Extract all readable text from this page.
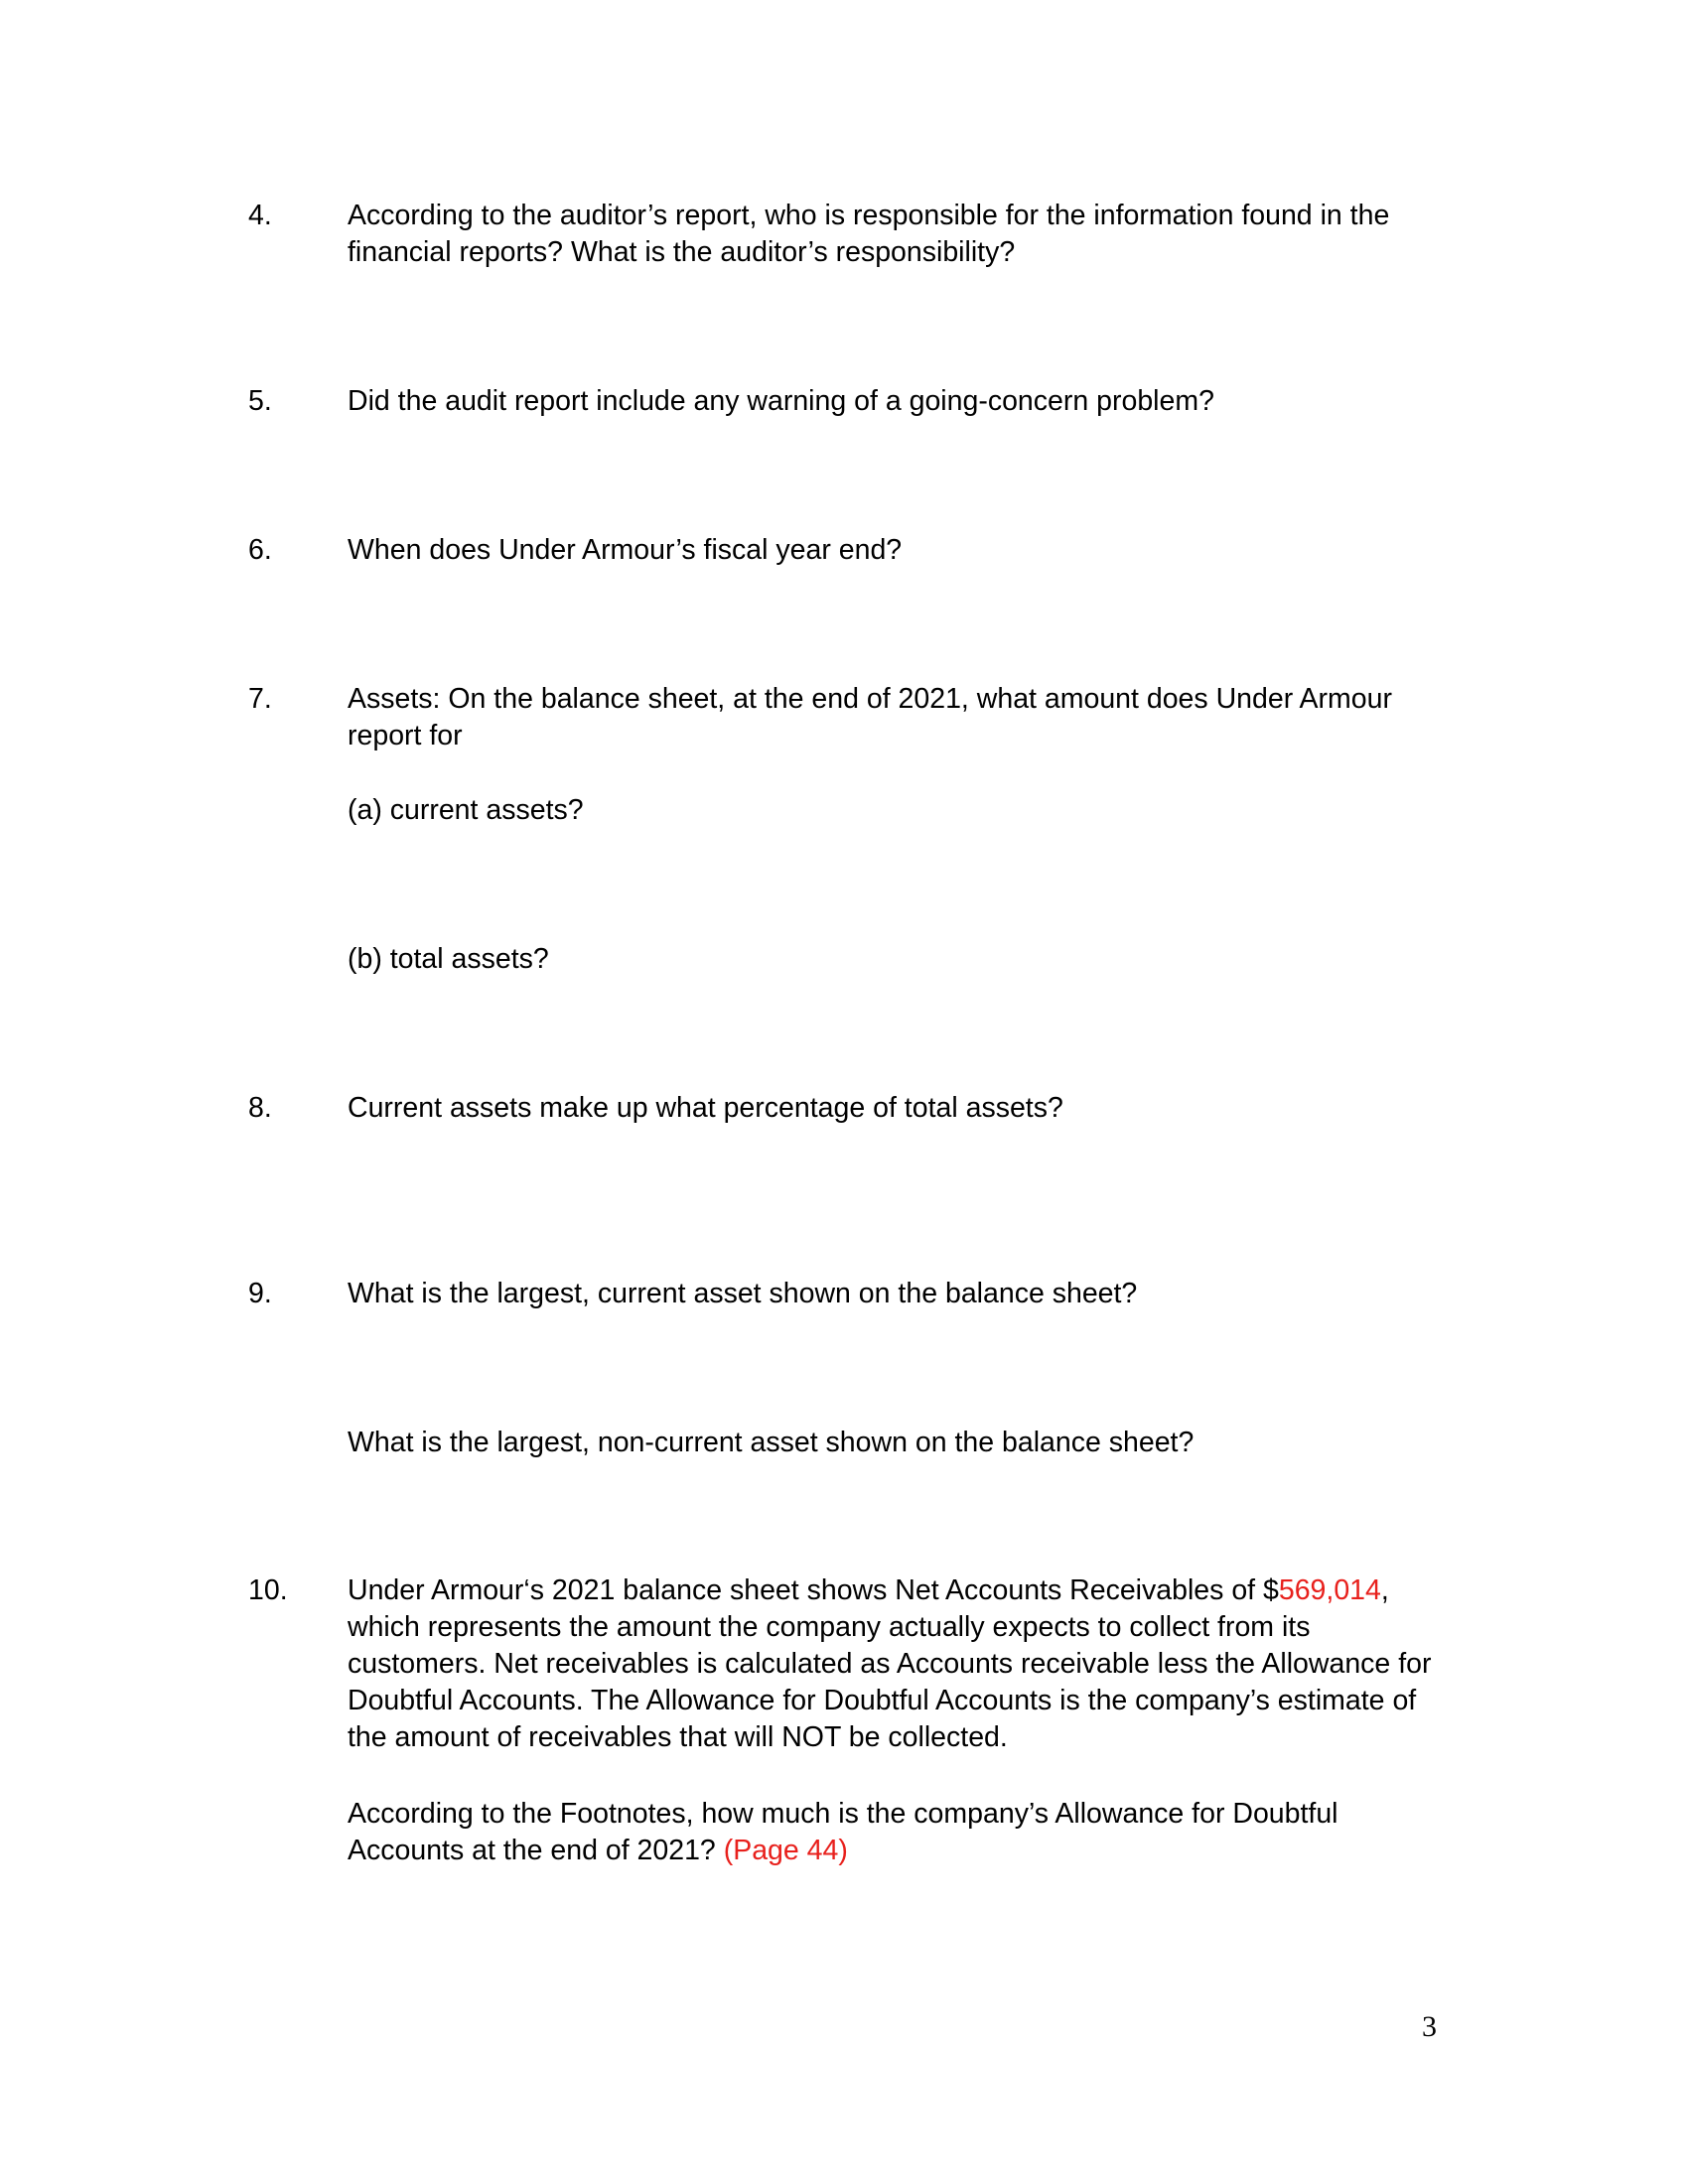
4.	According to the auditor’s report, who is responsible for the information found in the
financial reports? What is the auditor’s responsibility?
5.	Did the audit report include any warning of a going-concern problem?
6.	When does Under Armour’s fiscal year end?
7.	Assets: On the balance sheet, at the end of 2021, what amount does Under Armour
report for
(a) current assets?
(b) total assets?
8.	Current assets make up what percentage of total assets?
9.	What is the largest, current asset shown on the balance sheet?
What is the largest, non-current asset shown on the balance sheet?
10. Under Armour‘s 2021 balance sheet shows Net Accounts Receivables of $569,014,
which represents the amount the company actually expects to collect from its
customers. Net receivables is calculated as Accounts receivable less the Allowance for
Doubtful Accounts. The Allowance for Doubtful Accounts is the company’s estimate of
the amount of receivables that will NOT be collected.
According to the Footnotes, how much is the company’s Allowance for Doubtful
Accounts at the end of 2021? (Page 44)
3
